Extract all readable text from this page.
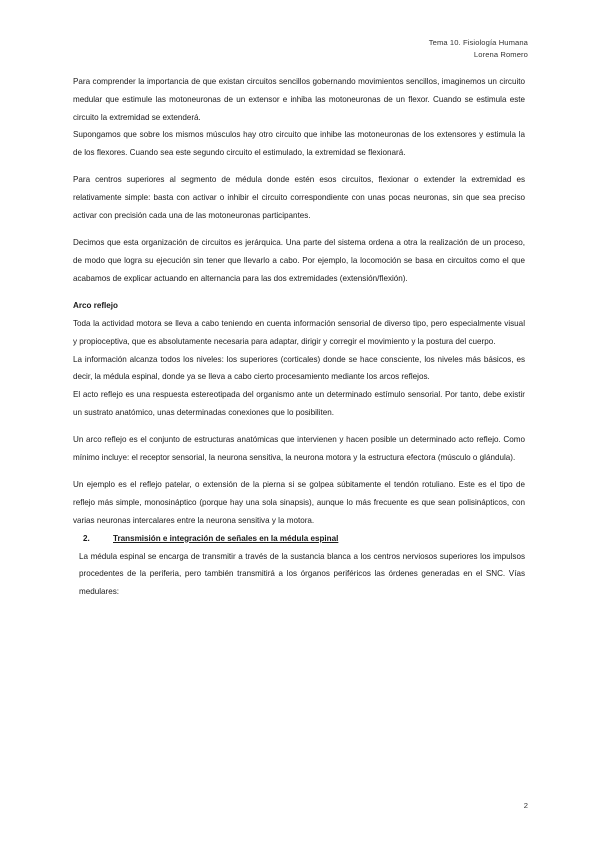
Tema 10. Fisiología Humana
Lorena Romero

Para comprender la importancia de que existan circuitos sencillos gobernando movimientos sencillos, imaginemos un circuito medular que estimule las motoneuronas de un extensor e inhiba las motoneuronas de un flexor. Cuando se estimula este circuito la extremidad se extenderá.

Supongamos que sobre los mismos músculos hay otro circuito que inhibe las motoneuronas de los extensores y estimula la de los flexores. Cuando sea este segundo circuito el estimulado, la extremidad se flexionará.

Para centros superiores al segmento de médula donde estén esos circuitos, flexionar o extender la extremidad es relativamente simple: basta con activar o inhibir el circuito correspondiente con unas pocas neuronas, sin que sea preciso activar con precisión cada una de las motoneuronas participantes.

Decimos que esta organización de circuitos es jerárquica. Una parte del sistema ordena a otra la realización de un proceso, de modo que logra su ejecución sin tener que llevarlo a cabo. Por ejemplo, la locomoción se basa en circuitos como el que acabamos de explicar actuando en alternancia para las dos extremidades (extensión/flexión).

Arco reflejo

Toda la actividad motora se lleva a cabo teniendo en cuenta información sensorial de diverso tipo, pero especialmente visual y propioceptiva, que es absolutamente necesaria para adaptar, dirigir y corregir el movimiento y la postura del cuerpo.

La información alcanza todos los niveles: los superiores (corticales) donde se hace consciente, los niveles más básicos, es decir, la médula espinal, donde ya se lleva a cabo cierto procesamiento mediante los arcos reflejos.

El acto reflejo es una respuesta estereotipada del organismo ante un determinado estímulo sensorial. Por tanto, debe existir un sustrato anatómico, unas determinadas conexiones que lo posibiliten.

Un arco reflejo es el conjunto de estructuras anatómicas que intervienen y hacen posible un determinado acto reflejo. Como mínimo incluye: el receptor sensorial, la neurona sensitiva, la neurona motora y la estructura efectora (músculo o glándula).

Un ejemplo es el reflejo patelar, o extensión de la pierna si se golpea súbitamente el tendón rotuliano. Este es el tipo de reflejo más simple, monosináptico (porque hay una sola sinapsis), aunque lo más frecuente es que sean polisinápticos, con varias neuronas intercalares entre la neurona sensitiva y la motora.

2.	Transmisión e integración de señales en la médula espinal

La médula espinal se encarga de transmitir a través de la sustancia blanca a los centros nerviosos superiores los impulsos procedentes de la periferia, pero también transmitirá a los órganos periféricos las órdenes generadas en el SNC. Vías medulares:

2
